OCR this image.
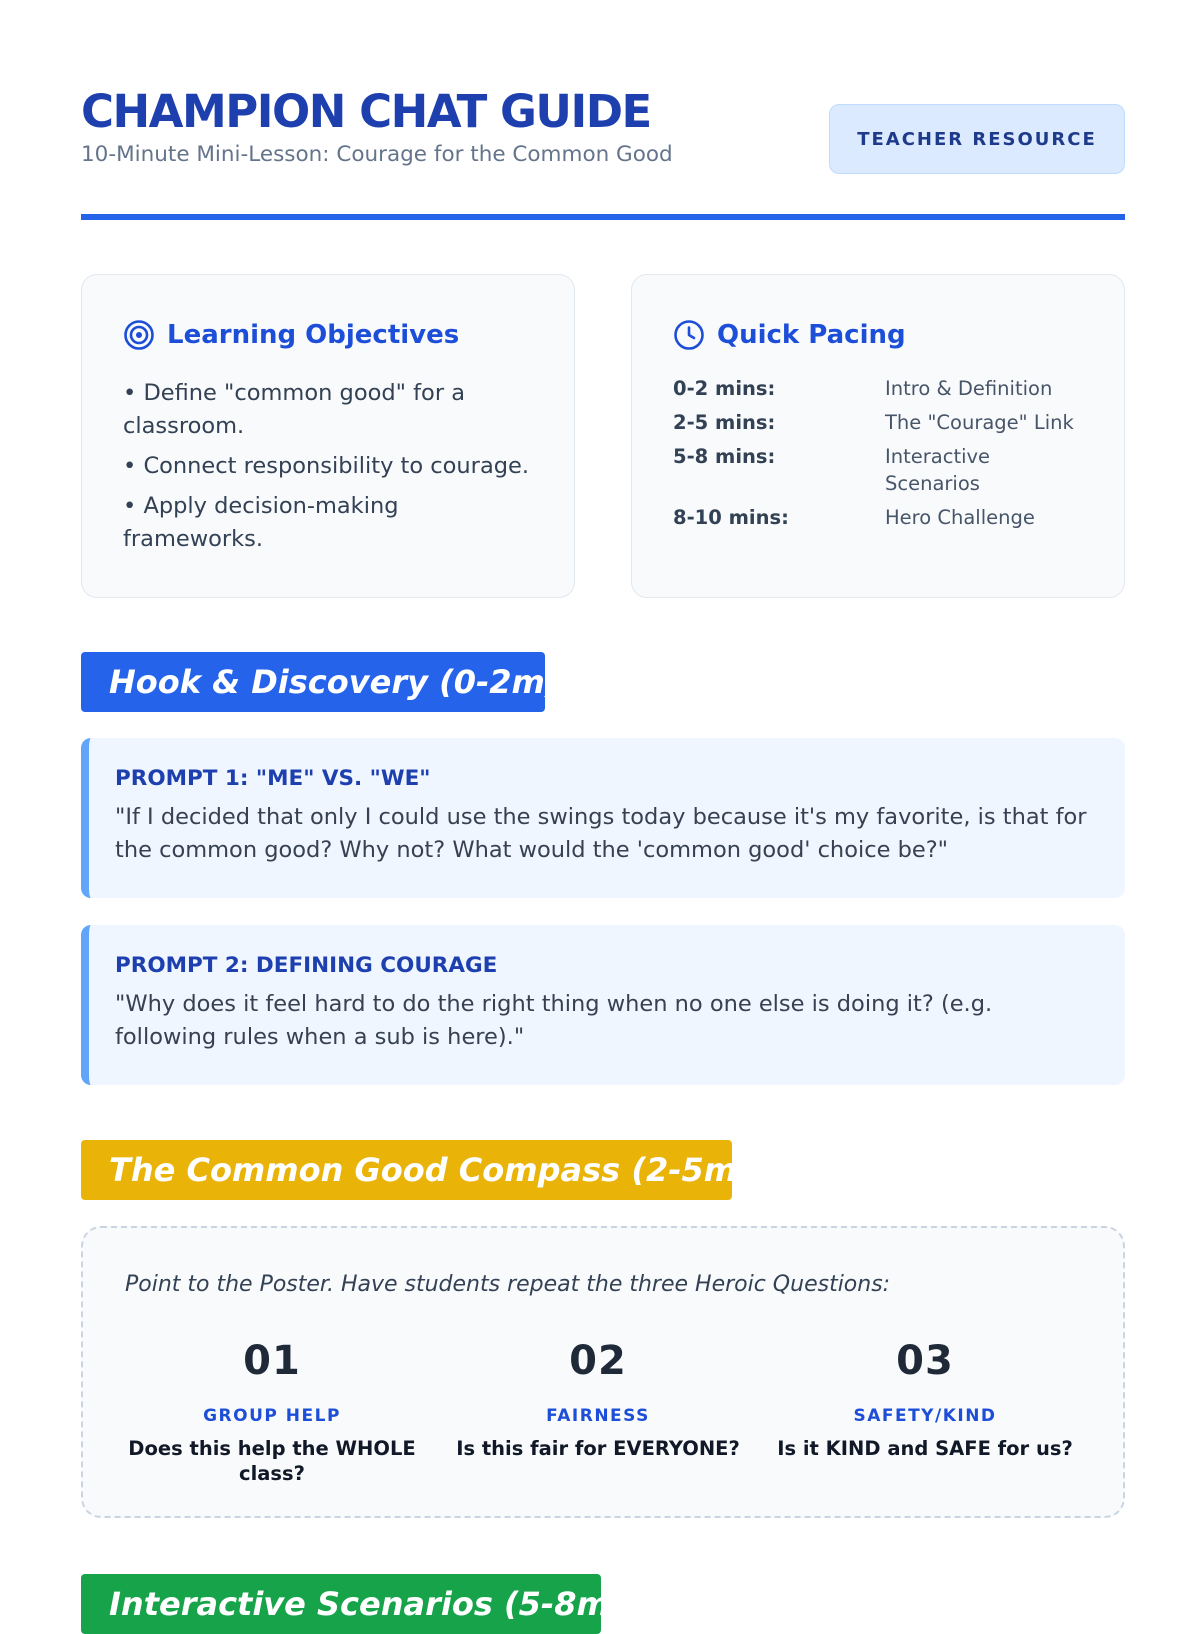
CHAMPION CHAT GUIDE
10-Minute Mini-Lesson: Courage for the Common Good
TEACHER RESOURCE
Learning Objectives
• Define "common good" for a classroom.
• Connect responsibility to courage.
• Apply decision-making frameworks.
Quick Pacing
0-2 mins:	Intro & Definition
2-5 mins:	The "Courage" Link
5-8 mins:	Interactive Scenarios
8-10 mins:	Hero Challenge
Hook & Discovery (0-2m)
PROMPT 1: "ME" VS. "WE"
"If I decided that only I could use the swings today because it's my favorite, is that for the common good? Why not? What would the 'common good' choice be?"
PROMPT 2: DEFINING COURAGE
"Why does it feel hard to do the right thing when no one else is doing it? (e.g. following rules when a sub is here)."
The Common Good Compass (2-5m)
Point to the Poster. Have students repeat the three Heroic Questions:
01
GROUP HELP
Does this help the WHOLE class?
02
FAIRNESS
Is this fair for EVERYONE?
03
SAFETY/KIND
Is it KIND and SAFE for us?
Interactive Scenarios (5-8m)
